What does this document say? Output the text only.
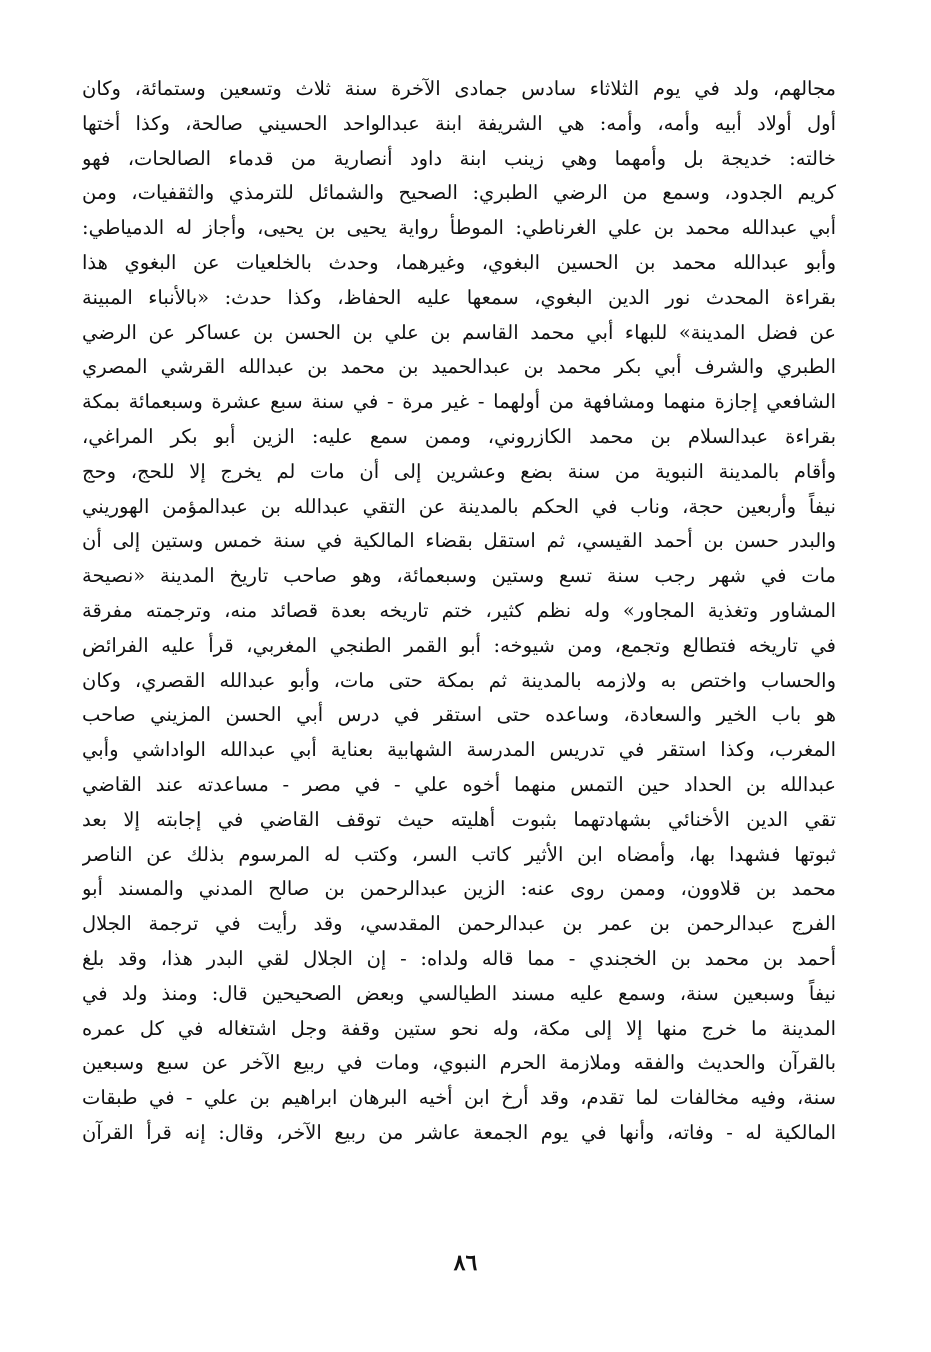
مجالهم، ولد في يوم الثلاثاء سادس جمادى الآخرة سنة ثلاث وتسعين وستمائة، وكان
أول أولاد أبيه وأمه، وأمه: هي الشريفة ابنة عبدالواحد الحسيني صالحة، وكذا أختها
خالته: خديجة بل وأمهما وهي زينب ابنة داود أنصارية من قدماء الصالحات، فهو
كريم الجدود، وسمع من الرضي الطبري: الصحيح والشمائل للترمذي والثقفيات، ومن
أبي عبدالله محمد بن علي الغرناطي: الموطأ رواية يحيى بن يحيى، وأجاز له الدمياطي:
وأبو عبدالله محمد بن الحسين البغوي، وغيرهما، وحدث بالخلعيات عن البغوي هذا
بقراءة المحدث نور الدين البغوي، سمعها عليه الحفاظ، وكذا حدث: «بالأنباء المبينة
عن فضل المدينة» للبهاء أبي محمد القاسم بن علي بن الحسن بن عساكر عن الرضي
الطبري والشرف أبي بكر محمد بن عبدالحميد بن محمد بن عبدالله القرشي المصري
الشافعي إجازة منهما ومشافهة من أولهما - غير مرة - في سنة سبع عشرة وسبعمائة بمكة
بقراءة عبدالسلام بن محمد الكازروني، وممن سمع عليه: الزين أبو بكر المراغي،
وأقام بالمدينة النبوية من سنة بضع وعشرين إلى أن مات لم يخرج إلا للحج، وحج
نيفاً وأربعين حجة، وناب في الحكم بالمدينة عن التقي عبدالله بن عبدالمؤمن الهوريني
والبدر حسن بن أحمد القيسي، ثم استقل بقضاء المالكية في سنة خمس وستين إلى أن
مات في شهر رجب سنة تسع وستين وسبعمائة، وهو صاحب تاريخ المدينة «نصيحة
المشاور وتغذية المجاور» وله نظم كثير، ختم تاريخه بعدة قصائد منه، وترجمته مفرقة
في تاريخه فتطالع وتجمع، ومن شيوخه: أبو القمر الطنجي المغربي، قرأ عليه الفرائض
والحساب واختص به ولازمه بالمدينة ثم بمكة حتى مات، وأبو عبدالله القصري، وكان
هو باب الخير والسعادة، وساعده حتى استقر في درس أبي الحسن المزيني صاحب
المغرب، وكذا استقر في تدريس المدرسة الشهابية بعناية أبي عبدالله الواداشي وأبي
عبدالله بن الحداد حين التمس منهما أخوه علي - في مصر - مساعدته عند القاضي
تقي الدين الأخنائي بشهادتهما بثبوت أهليته حيث توقف القاضي في إجابته إلا بعد
ثبوتها فشهدا بها، وأمضاه ابن الأثير كاتب السر، وكتب له المرسوم بذلك عن الناصر
محمد بن قلاوون، وممن روى عنه: الزين عبدالرحمن بن صالح المدني والمسند أبو
الفرج عبدالرحمن بن عمر بن عبدالرحمن المقدسي، وقد رأيت في ترجمة الجلال
أحمد بن محمد بن الخجندي - مما قاله ولداه: - إن الجلال لقي البدر هذا، وقد بلغ
نيفاً وسبعين سنة، وسمع عليه مسند الطيالسي وبعض الصحيحين قال: ومنذ ولد في
المدينة ما خرج منها إلا إلى مكة، وله نحو ستين وقفة وجل اشتغاله في كل عمره
بالقرآن والحديث والفقه وملازمة الحرم النبوي، ومات في ربيع الآخر عن سبع وسبعين
سنة، وفيه مخالفات لما تقدم، وقد أرخ ابن أخيه البرهان ابراهيم بن علي - في طبقات
المالكية له - وفاته، وأنها في يوم الجمعة عاشر من ربيع الآخر، وقال: إنه قرأ القرآن
٨٦
